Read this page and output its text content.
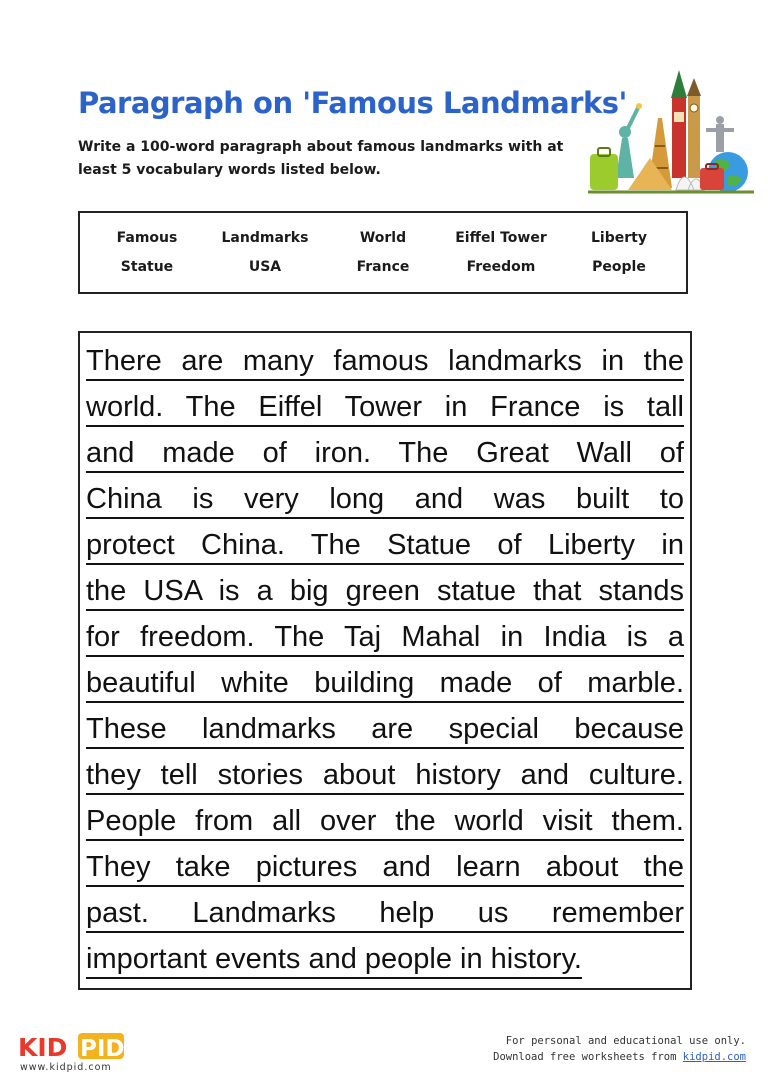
Paragraph on 'Famous Landmarks'

Write a 100-word paragraph about famous landmarks with at least 5 vocabulary words listed below.

Famous	Landmarks	World	Eiffel Tower	Liberty
Statue	USA	France	Freedom	People
There are many famous landmarks in the
world. The Eiffel Tower in France is tall
and made of iron. The Great Wall of
China is very long and was built to
protect China. The Statue of Liberty in
the USA is a big green statue that stands
for freedom. The Taj Mahal in India is a
beautiful white building made of marble.
These landmarks are special because
they tell stories about history and culture.
People from all over the world visit them.
They take pictures and learn about the
past. Landmarks help us remember
important events and people in history.
KID PID
www.kidpid.com
For personal and educational use only.
Download free worksheets from kidpid.com
